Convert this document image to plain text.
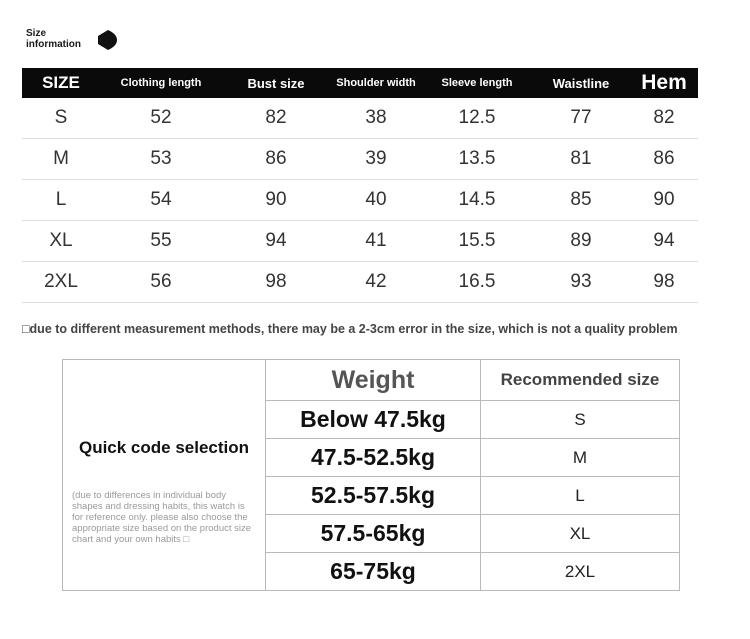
Size information
SIZE	Clothing length	Bust size	Shoulder width	Sleeve length	Waistline	Hem
S	52	82	38	12.5	77	82
M	53	86	39	13.5	81	86
L	54	90	40	14.5	85	90
XL	55	94	41	15.5	89	94
2XL	56	98	42	16.5	93	98
□due to different measurement methods, there may be a 2-3cm error in the size, which is not a quality problem
Quick code selection
(due to differences in individual body shapes and dressing habits, this watch is for reference only. please also choose the appropriate size based on the product size chart and your own habits □	Weight	Recommended size
	Below 47.5kg	S
	47.5-52.5kg	M
	52.5-57.5kg	L
	57.5-65kg	XL
	65-75kg	2XL
